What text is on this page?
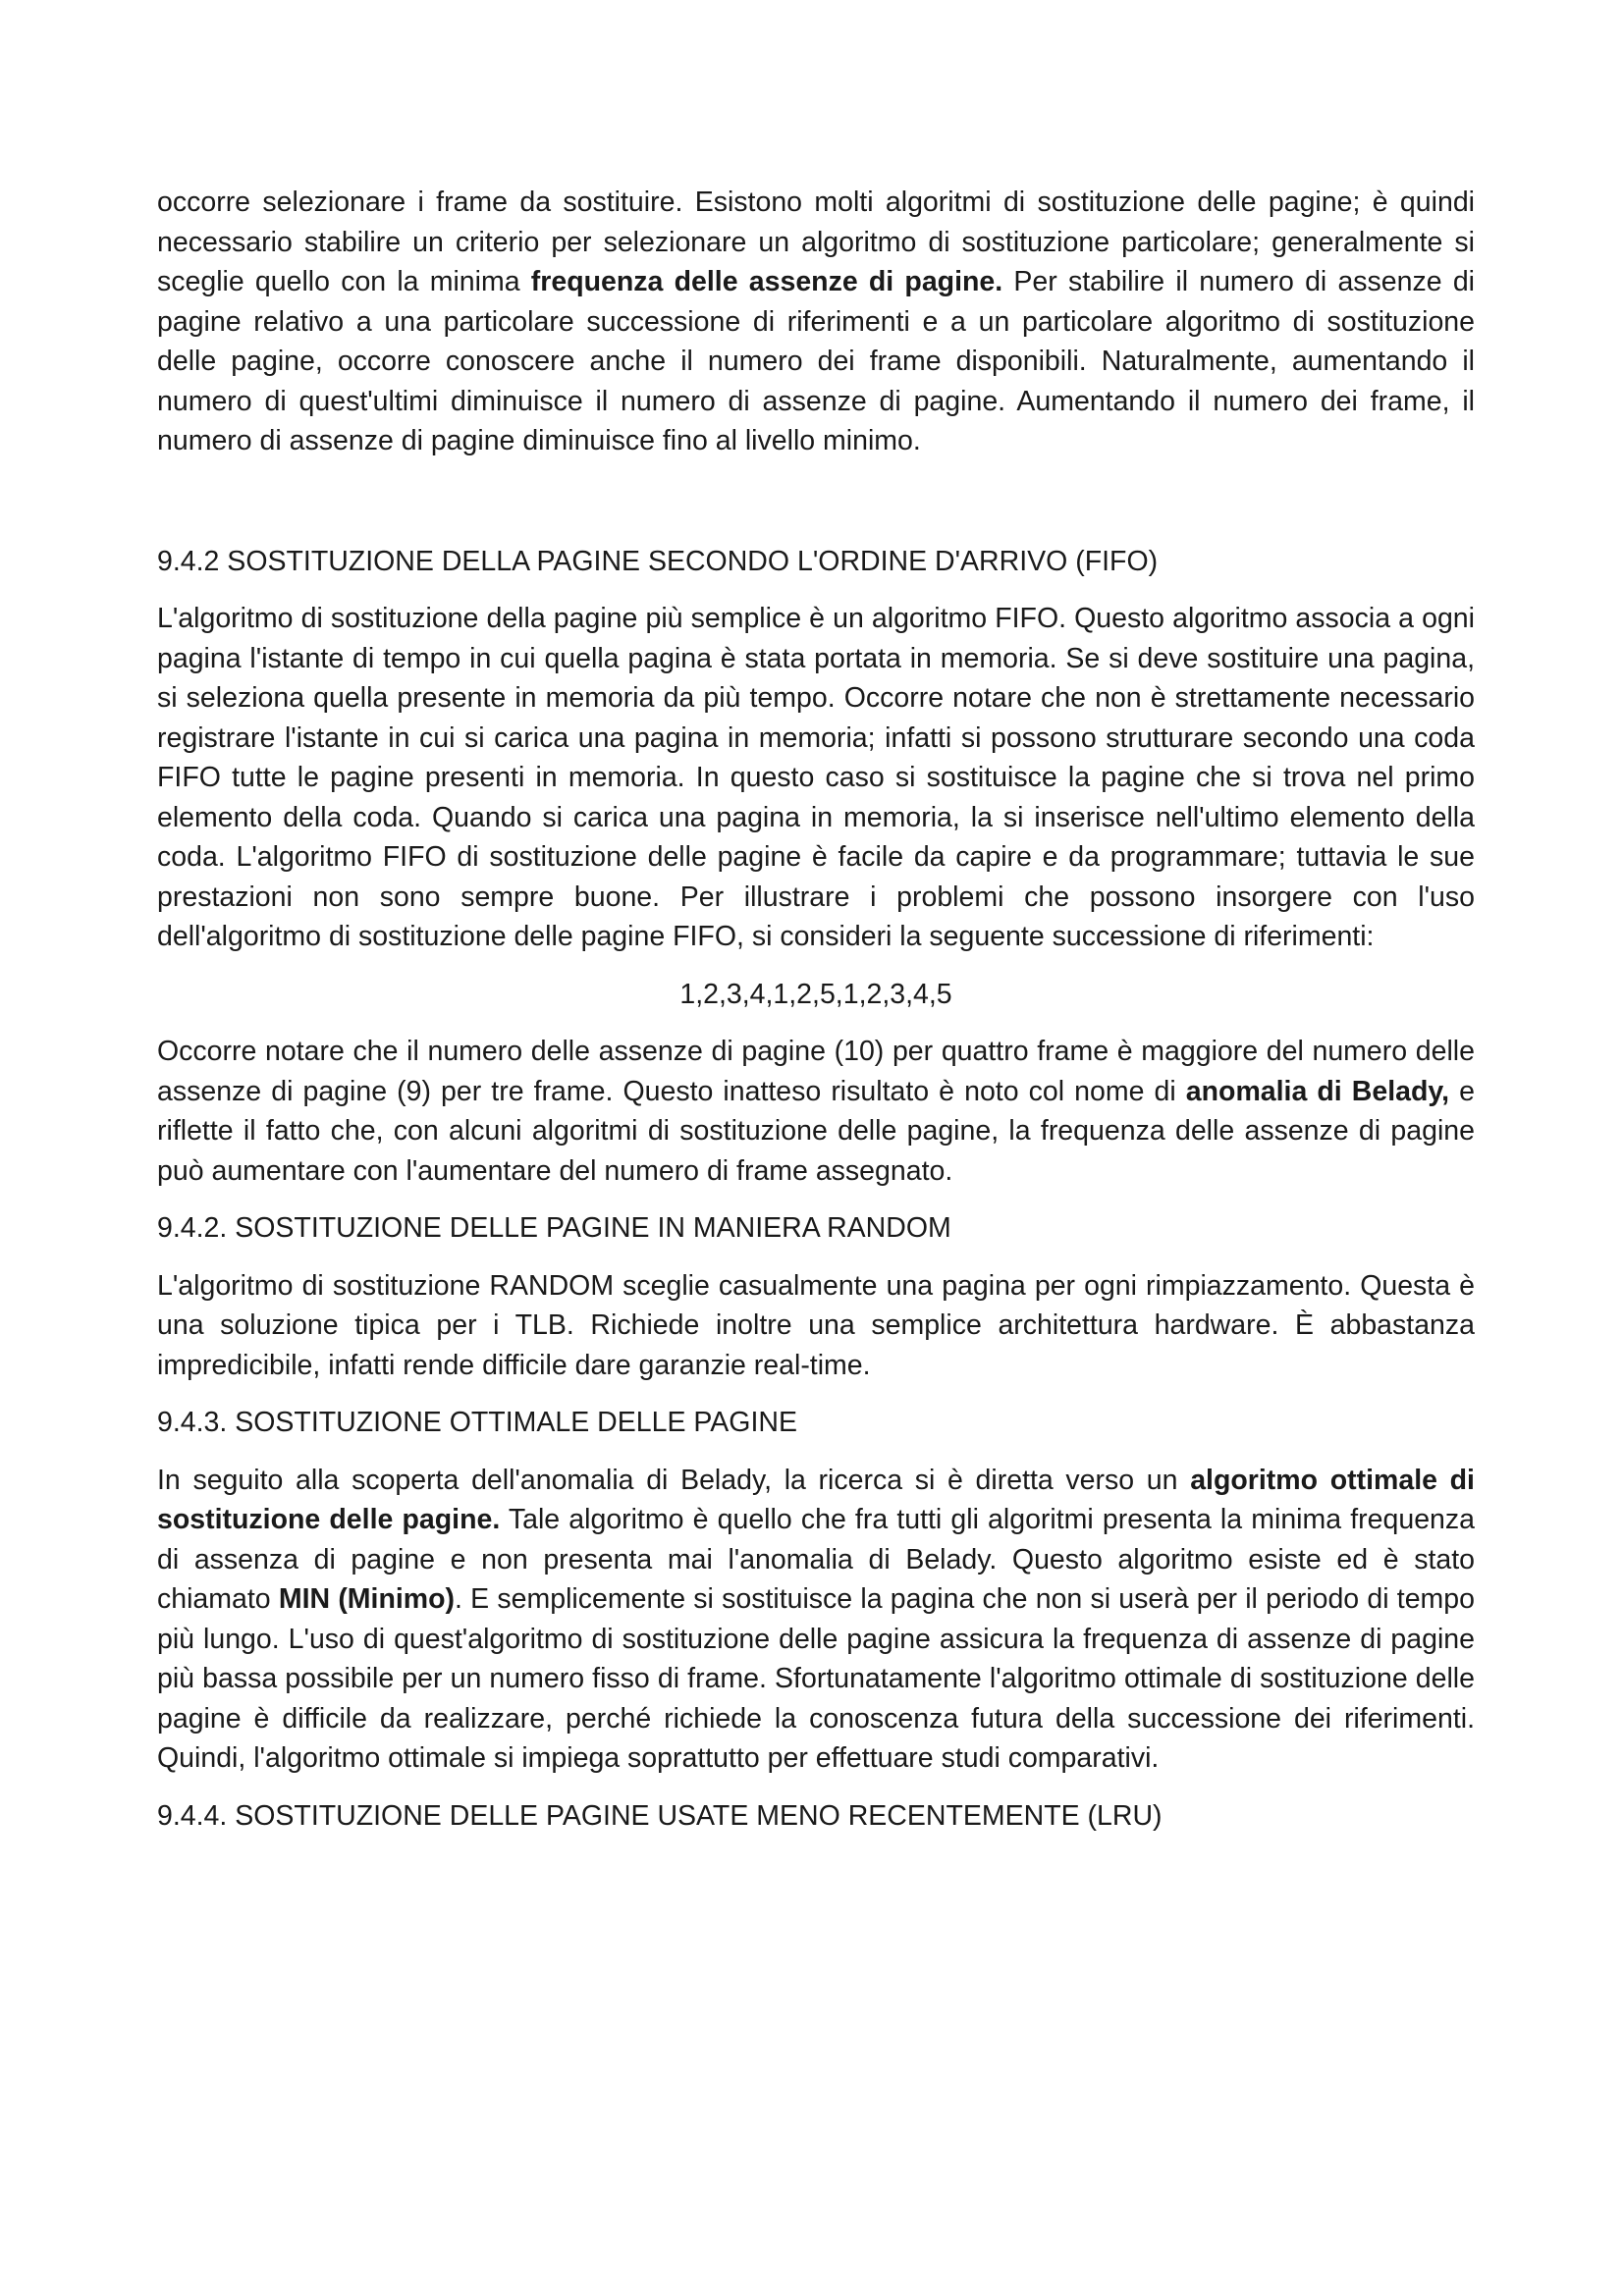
occorre selezionare i frame da sostituire. Esistono molti algoritmi di sostituzione delle pagine; è quindi necessario stabilire un criterio per selezionare un algoritmo di sostituzione particolare; generalmente si sceglie quello con la minima frequenza delle assenze di pagine. Per stabilire il numero di assenze di pagine relativo a una particolare successione di riferimenti e a un particolare algoritmo di sostituzione delle pagine, occorre conoscere anche il numero dei frame disponibili. Naturalmente, aumentando il numero di quest'ultimi diminuisce il numero di assenze di pagine. Aumentando il numero dei frame, il numero di assenze di pagine diminuisce fino al livello minimo.

9.4.2 SOSTITUZIONE DELLA PAGINE SECONDO L'ORDINE D'ARRIVO (FIFO)

L'algoritmo di sostituzione della pagine più semplice è un algoritmo FIFO. Questo algoritmo associa a ogni pagina l'istante di tempo in cui quella pagina è stata portata in memoria. Se si deve sostituire una pagina, si seleziona quella presente in memoria da più tempo. Occorre notare che non è strettamente necessario registrare l'istante in cui si carica una pagina in memoria; infatti si possono strutturare secondo una coda FIFO tutte le pagine presenti in memoria. In questo caso si sostituisce la pagine che si trova nel primo elemento della coda. Quando si carica una pagina in memoria, la si inserisce nell'ultimo elemento della coda. L'algoritmo FIFO di sostituzione delle pagine è facile da capire e da programmare; tuttavia le sue prestazioni non sono sempre buone. Per illustrare i problemi che possono insorgere con l'uso dell'algoritmo di sostituzione delle pagine FIFO, si consideri la seguente successione di riferimenti:

1,2,3,4,1,2,5,1,2,3,4,5

Occorre notare che il numero delle assenze di pagine (10) per quattro frame è maggiore del numero delle assenze di pagine (9) per tre frame. Questo inatteso risultato è noto col nome di anomalia di Belady, e riflette il fatto che, con alcuni algoritmi di sostituzione delle pagine, la frequenza delle assenze di pagine può aumentare con l'aumentare del numero di frame assegnato.

9.4.2. SOSTITUZIONE DELLE PAGINE IN MANIERA RANDOM

L'algoritmo di sostituzione RANDOM sceglie casualmente una pagina per ogni rimpiazzamento. Questa è una soluzione tipica per i TLB. Richiede inoltre una semplice architettura hardware. È abbastanza impredicibile, infatti rende difficile dare garanzie real-time.

9.4.3. SOSTITUZIONE OTTIMALE DELLE PAGINE

In seguito alla scoperta dell'anomalia di Belady, la ricerca si è diretta verso un algoritmo ottimale di sostituzione delle pagine. Tale algoritmo è quello che fra tutti gli algoritmi presenta la minima frequenza di assenza di pagine e non presenta mai l'anomalia di Belady. Questo algoritmo esiste ed è stato chiamato MIN (Minimo). E semplicemente si sostituisce la pagina che non si userà per il periodo di tempo più lungo. L'uso di quest'algoritmo di sostituzione delle pagine assicura la frequenza di assenze di pagine più bassa possibile per un numero fisso di frame. Sfortunatamente l'algoritmo ottimale di sostituzione delle pagine è difficile da realizzare, perché richiede la conoscenza futura della successione dei riferimenti. Quindi, l'algoritmo ottimale si impiega soprattutto per effettuare studi comparativi.

9.4.4. SOSTITUZIONE DELLE PAGINE USATE MENO RECENTEMENTE (LRU)
